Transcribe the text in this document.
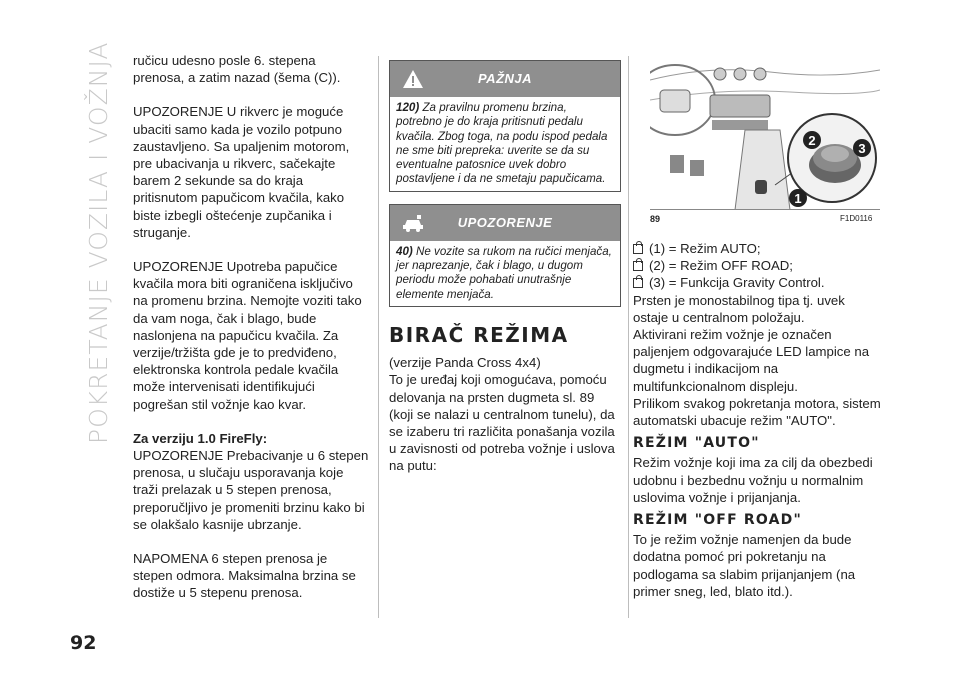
POKRETANJE VOZILA I VOŽNJA
92

ručicu udesno posle 6. stepena prenosa, a zatim nazad (šema (C)).

UPOZORENJE U rikverc je moguće ubaciti samo kada je vozilo potpuno zaustavljeno. Sa upaljenim motorom, pre ubacivanja u rikverc, sačekajte barem 2 sekunde sa do kraja pritisnutom papučicom kvačila, kako biste izbegli oštećenje zupčanika i struganje.

UPOZORENJE Upotreba papučice kvačila mora biti ograničena isključivo na promenu brzina. Nemojte voziti tako da vam noga, čak i blago, bude naslonjena na papučicu kvačila. Za verzije/tržišta gde je to predviđeno, elektronska kontrola pedale kvačila može intervenisati identifikujući pogrešan stil vožnje kao kvar.

Za verziju 1.0 FireFly:

UPOZORENJE Prebacivanje u 6 stepen prenosa, u slučaju usporavanja koje traži prelazak u 5 stepen prenosa, preporučljivo je promeniti brzinu kako bi se olakšalo kasnije ubrzanje.

NAPOMENA 6 stepen prenosa je stepen odmora. Maksimalna brzina se dostiže u 5 stepenu prenosa.

PAŽNJA
120) Za pravilnu promenu brzina, potrebno je do kraja pritisnuti pedalu kvačila. Zbog toga, na podu ispod pedala ne sme biti prepreka: uverite se da su eventualne patosnice uvek dobro postavljene i da ne smetaju papučicama.
UPOZORENJE
40) Ne vozite sa rukom na ručici menjača, jer naprezanje, čak i blago, u dugom periodu može pohabati unutrašnje elemente menjača.
BIRAČ REŽIMA

(verzije Panda Cross 4x4)

To je uređaj koji omogućava, pomoću delovanja na prsten dugmeta sl. 89 (koji se nalazi u centralnom tunelu), da se izaberu tri različita ponašanja vozila u zavisnosti od potreba vožnje i uslova na putu:

2
3
1
89	F1D0116
(1) = Režim AUTO;
(2) = Režim OFF ROAD;
(3) = Funkcija Gravity Control.

Prsten je monostabilnog tipa tj. uvek ostaje u centralnom položaju.

Aktivirani režim vožnje je označen paljenjem odgovarajuće LED lampice na dugmetu i indikacijom na multifunkcionalnom displeju.

Prilikom svakog pokretanja motora, sistem automatski ubacuje režim "AUTO".

REŽIM "AUTO"

Režim vožnje koji ima za cilj da obezbedi udobnu i bezbednu vožnju u normalnim uslovima vožnje i prijanjanja.

REŽIM "OFF ROAD"

To je režim vožnje namenjen da bude dodatna pomoć pri pokretanju na podlogama sa slabim prijanjanjem (na primer sneg, led, blato itd.).
